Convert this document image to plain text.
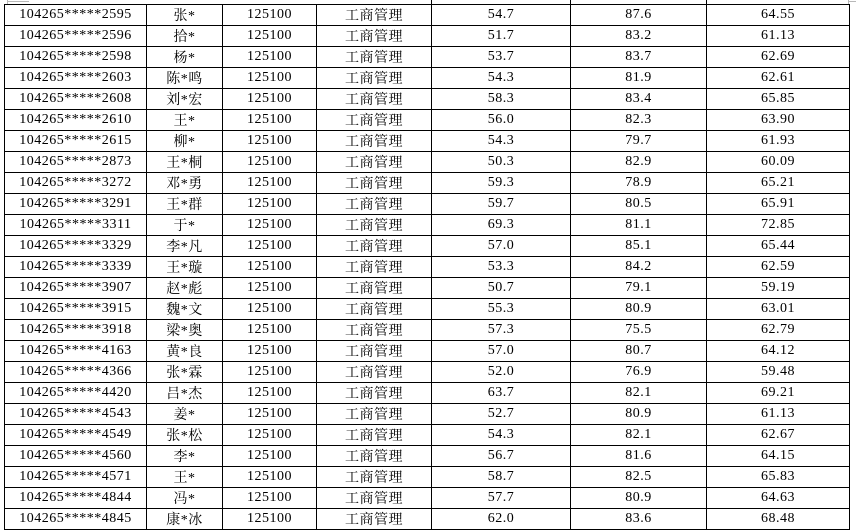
104265*****2595	张*	125100	工商管理	54.7	87.6	64.55
104265*****2596	拾*	125100	工商管理	51.7	83.2	61.13
104265*****2598	杨*	125100	工商管理	53.7	83.7	62.69
104265*****2603	陈*鸣	125100	工商管理	54.3	81.9	62.61
104265*****2608	刘*宏	125100	工商管理	58.3	83.4	65.85
104265*****2610	王*	125100	工商管理	56.0	82.3	63.90
104265*****2615	柳*	125100	工商管理	54.3	79.7	61.93
104265*****2873	王*桐	125100	工商管理	50.3	82.9	60.09
104265*****3272	邓*勇	125100	工商管理	59.3	78.9	65.21
104265*****3291	王*群	125100	工商管理	59.7	80.5	65.91
104265*****3311	于*	125100	工商管理	69.3	81.1	72.85
104265*****3329	李*凡	125100	工商管理	57.0	85.1	65.44
104265*****3339	王*璇	125100	工商管理	53.3	84.2	62.59
104265*****3907	赵*彪	125100	工商管理	50.7	79.1	59.19
104265*****3915	魏*文	125100	工商管理	55.3	80.9	63.01
104265*****3918	梁*奥	125100	工商管理	57.3	75.5	62.79
104265*****4163	黄*良	125100	工商管理	57.0	80.7	64.12
104265*****4366	张*霖	125100	工商管理	52.0	76.9	59.48
104265*****4420	吕*杰	125100	工商管理	63.7	82.1	69.21
104265*****4543	姜*	125100	工商管理	52.7	80.9	61.13
104265*****4549	张*松	125100	工商管理	54.3	82.1	62.67
104265*****4560	李*	125100	工商管理	56.7	81.6	64.15
104265*****4571	王*	125100	工商管理	58.7	82.5	65.83
104265*****4844	冯*	125100	工商管理	57.7	80.9	64.63
104265*****4845	康*冰	125100	工商管理	62.0	83.6	68.48
